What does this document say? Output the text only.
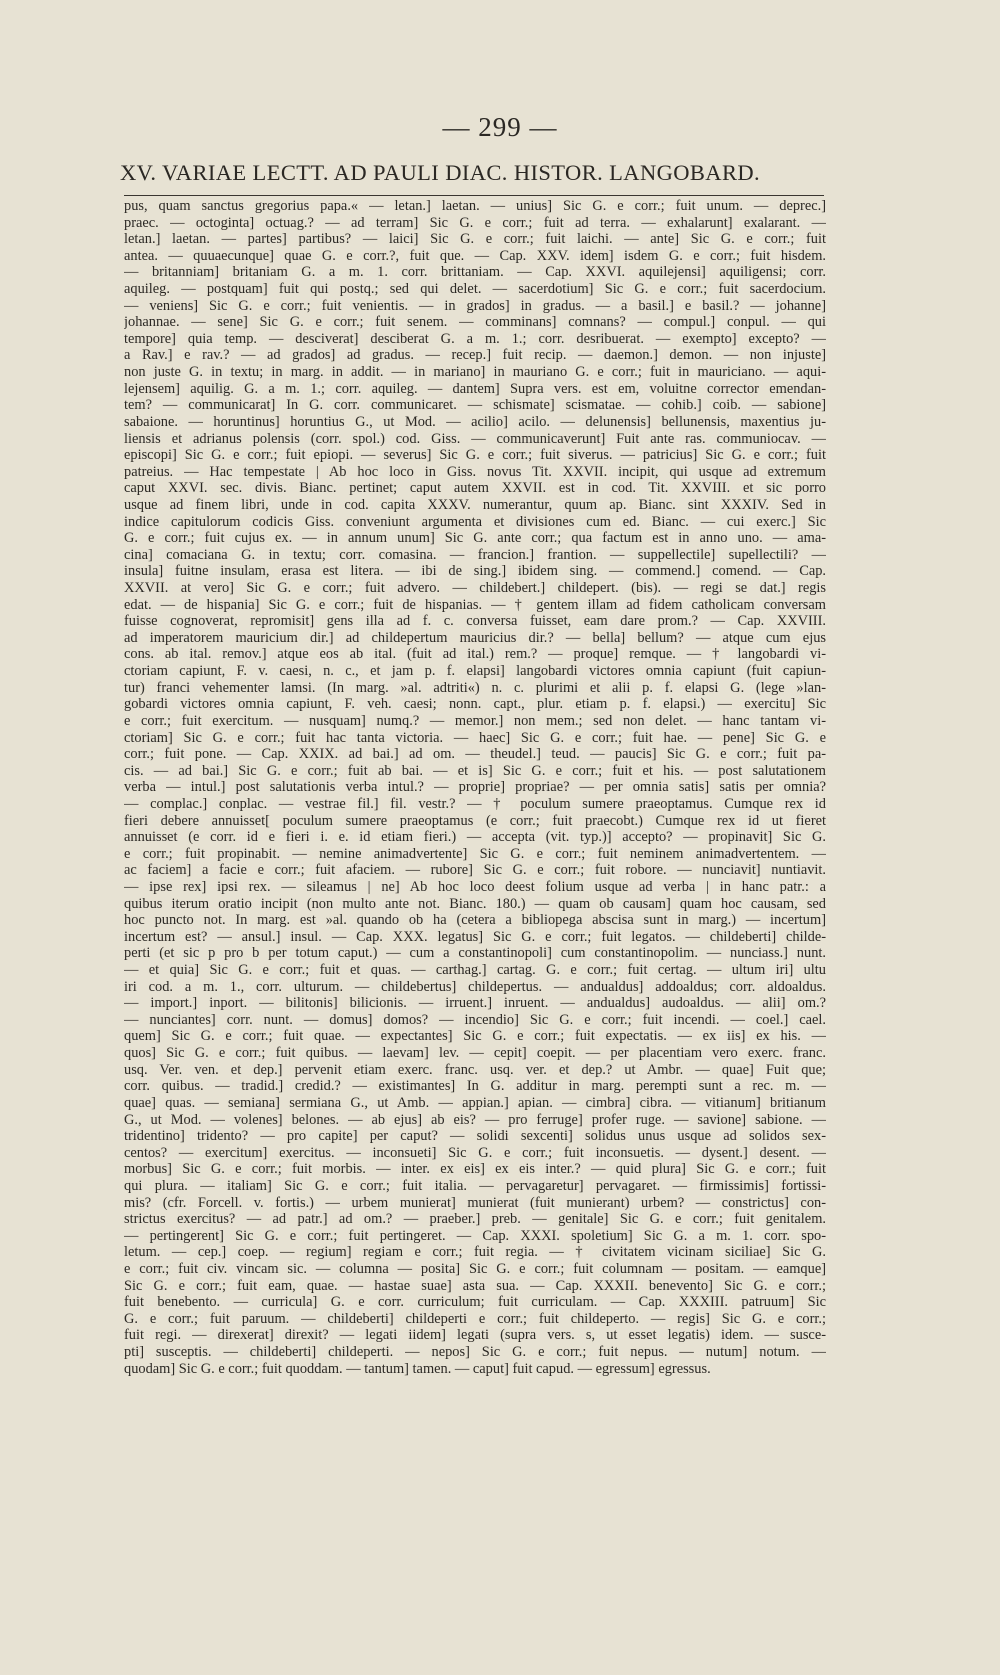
— 299 —
XV. VARIAE LECTT. AD PAULI DIAC. HISTOR. LANGOBARD.
pus, quam sanctus gregorius papa.« — letan.] laetan. — unius] Sic G. e corr.; fuit unum. — deprec.]
praec. — octoginta] octuag.? — ad terram] Sic G. e corr.; fuit ad terra. — exhalarunt] exalarant. —
letan.] laetan. — partes] partibus? — laici] Sic G. e corr.; fuit laichi. — ante] Sic G. e corr.; fuit
antea. — quuaecunque] quae G. e corr.?, fuit que. — Cap. XXV. idem] isdem G. e corr.; fuit hisdem.
— britanniam] britaniam G. a m. 1. corr. brittaniam. — Cap. XXVI. aquilejensi] aquiligensi; corr.
aquileg. — postquam] fuit qui postq.; sed qui delet. — sacerdotium] Sic G. e corr.; fuit sacerdocium.
— veniens] Sic G. e corr.; fuit venientis. — in grados] in gradus. — a basil.] e basil.? — johanne]
johannae. — sene] Sic G. e corr.; fuit senem. — comminans] comnans? — compul.] conpul. — qui
tempore] quia temp. — desciverat] desciberat G. a m. 1.; corr. desribuerat. — exempto] excepto? —
a Rav.] e rav.? — ad grados] ad gradus. — recep.] fuit recip. — daemon.] demon. — non injuste]
non juste G. in textu; in marg. in addit. — in mariano] in mauriano G. e corr.; fuit in mauriciano. — aqui-
lejensem] aquilig. G. a m. 1.; corr. aquileg. — dantem] Supra vers. est em, voluitne corrector emendan-
tem? — communicarat] In G. corr. communicaret. — schismate] scismatae. — cohib.] coib. — sabione]
sabaione. — horuntinus] horuntius G., ut Mod. — acilio] acilo. — delunensis] bellunensis, maxentius ju-
liensis et adrianus polensis (corr. spol.) cod. Giss. — communicaverunt] Fuit ante ras. communiocav. —
episcopi] Sic G. e corr.; fuit epiopi. — severus] Sic G. e corr.; fuit siverus. — patricius] Sic G. e corr.; fuit
patreius. — Hac tempestate | Ab hoc loco in Giss. novus Tit. XXVII. incipit, qui usque ad extremum
caput XXVI. sec. divis. Bianc. pertinet; caput autem XXVII. est in cod. Tit. XXVIII. et sic porro
usque ad finem libri, unde in cod. capita XXXV. numerantur, quum ap. Bianc. sint XXXIV. Sed in
indice capitulorum codicis Giss. conveniunt argumenta et divisiones cum ed. Bianc. — cui exerc.] Sic
G. e corr.; fuit cujus ex. — in annum unum] Sic G. ante corr.; qua factum est in anno uno. — ama-
cina] comaciana G. in textu; corr. comasina. — francion.] frantion. — suppellectile] supellectili? —
insula] fuitne insulam, erasa est litera. — ibi de sing.] ibidem sing. — commend.] comend. — Cap.
XXVII. at vero] Sic G. e corr.; fuit advero. — childebert.] childepert. (bis). — regi se dat.] regis
edat. — de hispania] Sic G. e corr.; fuit de hispanias. — † gentem illam ad fidem catholicam conversam
fuisse cognoverat, repromisit] gens illa ad f. c. conversa fuisset, eam dare prom.? — Cap. XXVIII.
ad imperatorem mauricium dir.] ad childepertum mauricius dir.? — bella] bellum? — atque cum ejus
cons. ab ital. remov.] atque eos ab ital. (fuit ad ital.) rem.? — proque] remque. — † langobardi vi-
ctoriam capiunt, F. v. caesi, n. c., et jam p. f. elapsi] langobardi victores omnia capiunt (fuit capiun-
tur) franci vehementer lamsi. (In marg. »al. adtriti«) n. c. plurimi et alii p. f. elapsi G. (lege »lan-
gobardi victores omnia capiunt, F. veh. caesi; nonn. capt., plur. etiam p. f. elapsi.) — exercitu] Sic
e corr.; fuit exercitum. — nusquam] numq.? — memor.] non mem.; sed non delet. — hanc tantam vi-
ctoriam] Sic G. e corr.; fuit hac tanta victoria. — haec] Sic G. e corr.; fuit hae. — pene] Sic G. e
corr.; fuit pone. — Cap. XXIX. ad bai.] ad om. — theudel.] teud. — paucis] Sic G. e corr.; fuit pa-
cis. — ad bai.] Sic G. e corr.; fuit ab bai. — et is] Sic G. e corr.; fuit et his. — post salutationem
verba — intul.] post salutationis verba intul.? — proprie] propriae? — per omnia satis] satis per omnia?
— complac.] conplac. — vestrae fil.] fil. vestr.? — † poculum sumere praeoptamus. Cumque rex id
fieri debere annuisset[ poculum sumere praeoptamus (e corr.; fuit praecobt.) Cumque rex id ut fieret
annuisset (e corr. id e fieri i. e. id etiam fieri.) — accepta (vit. typ.)] accepto? — propinavit] Sic G.
e corr.; fuit propinabit. — nemine animadvertente] Sic G. e corr.; fuit neminem animadvertentem. —
ac faciem] a facie e corr.; fuit afaciem. — rubore] Sic G. e corr.; fuit robore. — nunciavit] nuntiavit.
— ipse rex] ipsi rex. — sileamus | ne] Ab hoc loco deest folium usque ad verba | in hanc patr.: a
quibus iterum oratio incipit (non multo ante not. Bianc. 180.) — quam ob causam] quam hoc causam, sed
hoc puncto not. In marg. est »al. quando ob ha (cetera a bibliopega abscisa sunt in marg.) — incertum]
incertum est? — ansul.] insul. — Cap. XXX. legatus] Sic G. e corr.; fuit legatos. — childeberti] childe-
perti (et sic p pro b per totum caput.) — cum a constantinopoli] cum constantinopolim. — nunciass.] nunt.
— et quia] Sic G. e corr.; fuit et quas. — carthag.] cartag. G. e corr.; fuit certag. — ultum iri] ultu
iri cod. a m. 1., corr. ulturum. — childebertus] childepertus. — andualdus] addoaldus; corr. aldoaldus.
— import.] inport. — bilitonis] bilicionis. — irruent.] inruent. — andualdus] audoaldus. — alii] om.?
— nunciantes] corr. nunt. — domus] domos? — incendio] Sic G. e corr.; fuit incendi. — coel.] cael.
quem] Sic G. e corr.; fuit quae. — expectantes] Sic G. e corr.; fuit expectatis. — ex iis] ex his. —
quos] Sic G. e corr.; fuit quibus. — laevam] lev. — cepit] coepit. — per placentiam vero exerc. franc.
usq. Ver. ven. et dep.] pervenit etiam exerc. franc. usq. ver. et dep.? ut Ambr. — quae] Fuit que;
corr. quibus. — tradid.] credid.? — existimantes] In G. additur in marg. perempti sunt a rec. m. —
quae] quas. — semiana] sermiana G., ut Amb. — appian.] apian. — cimbra] cibra. — vitianum] britianum
G., ut Mod. — volenes] belones. — ab ejus] ab eis? — pro ferruge] profer ruge. — savione] sabione. —
tridentino] tridento? — pro capite] per caput? — solidi sexcenti] solidus unus usque ad solidos sex-
centos? — exercitum] exercitus. — inconsueti] Sic G. e corr.; fuit inconsuetis. — dysent.] desent. —
morbus] Sic G. e corr.; fuit morbis. — inter. ex eis] ex eis inter.? — quid plura] Sic G. e corr.; fuit
qui plura. — italiam] Sic G. e corr.; fuit italia. — pervagaretur] pervagaret. — firmissimis] fortissi-
mis? (cfr. Forcell. v. fortis.) — urbem munierat] munierat (fuit munierant) urbem? — constrictus] con-
strictus exercitus? — ad patr.] ad om.? — praeber.] preb. — genitale] Sic G. e corr.; fuit genitalem.
— pertingerent] Sic G. e corr.; fuit pertingeret. — Cap. XXXI. spoletium] Sic G. a m. 1. corr. spo-
letum. — cep.] coep. — regium] regiam e corr.; fuit regia. — † civitatem vicinam siciliae] Sic G.
e corr.; fuit civ. vincam sic. — columna — posita] Sic G. e corr.; fuit columnam — positam. — eamque]
Sic G. e corr.; fuit eam, quae. — hastae suae] asta sua. — Cap. XXXII. benevento] Sic G. e corr.;
fuit benebento. — curricula] G. e corr. curriculum; fuit curriculam. — Cap. XXXIII. patruum] Sic
G. e corr.; fuit paruum. — childeberti] childeperti e corr.; fuit childeperto. — regis] Sic G. e corr.;
fuit regi. — direxerat] direxit? — legati iidem] legati (supra vers. s, ut esset legatis) idem. — susce-
pti] susceptis. — childeberti] childeperti. — nepos] Sic G. e corr.; fuit nepus. — nutum] notum. —
quodam] Sic G. e corr.; fuit quoddam. — tantum] tamen. — caput] fuit capud. — egressum] egressus.
